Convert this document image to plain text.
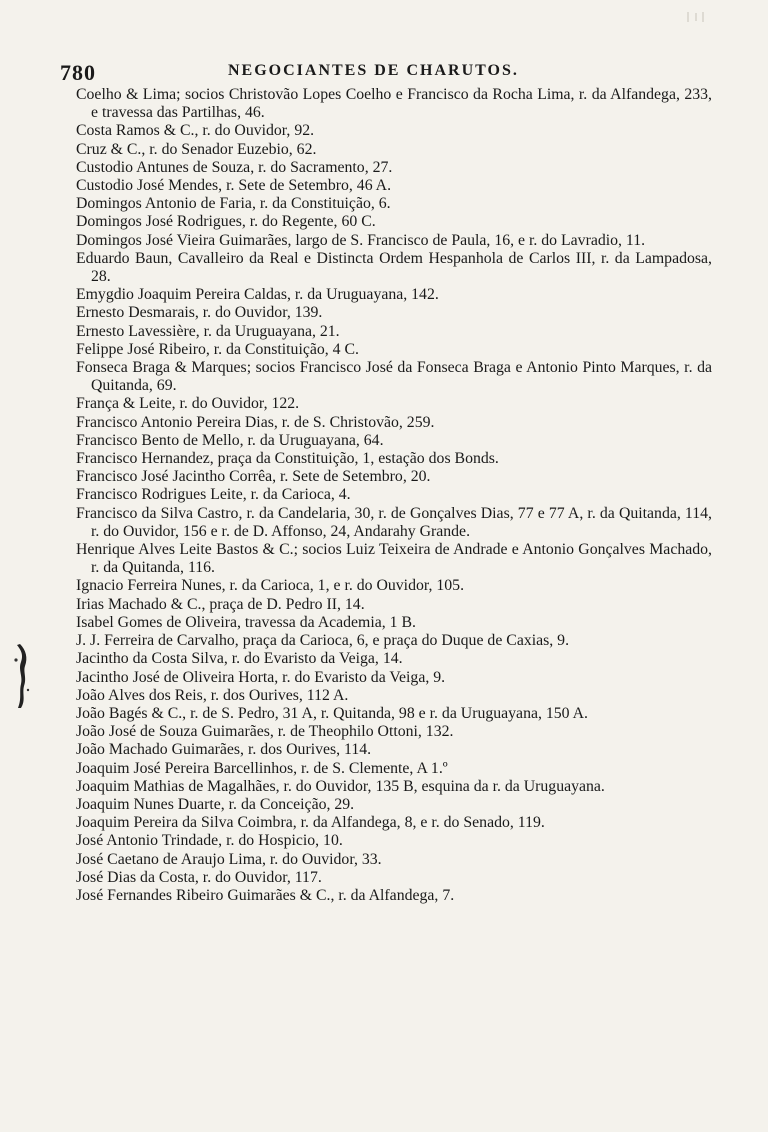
780	NEGOCIANTES DE CHARUTOS.

Coelho & Lima; socios Christovão Lopes Coelho e Francisco da Rocha Lima, r. da Alfandega, 233, e travessa das Partilhas, 46.

Costa Ramos & C., r. do Ouvidor, 92.

Cruz & C., r. do Senador Euzebio, 62.

Custodio Antunes de Souza, r. do Sacramento, 27.

Custodio José Mendes, r. Sete de Setembro, 46 A.

Domingos Antonio de Faria, r. da Constituição, 6.

Domingos José Rodrigues, r. do Regente, 60 C.

Domingos José Vieira Guimarães, largo de S. Francisco de Paula, 16, e r. do Lavradio, 11.

Eduardo Baun, Cavalleiro da Real e Distincta Ordem Hespanhola de Carlos III, r. da Lampadosa, 28.

Emygdio Joaquim Pereira Caldas, r. da Uruguayana, 142.

Ernesto Desmarais, r. do Ouvidor, 139.

Ernesto Lavessière, r. da Uruguayana, 21.

Felippe José Ribeiro, r. da Constituição, 4 C.

Fonseca Braga & Marques; socios Francisco José da Fonseca Braga e Antonio Pinto Marques, r. da Quitanda, 69.

França & Leite, r. do Ouvidor, 122.

Francisco Antonio Pereira Dias, r. de S. Christovão, 259.

Francisco Bento de Mello, r. da Uruguayana, 64.

Francisco Hernandez, praça da Constituição, 1, estação dos Bonds.

Francisco José Jacintho Corrêa, r. Sete de Setembro, 20.

Francisco Rodrigues Leite, r. da Carioca, 4.

Francisco da Silva Castro, r. da Candelaria, 30, r. de Gonçalves Dias, 77 e 77 A, r. da Quitanda, 114, r. do Ouvidor, 156 e r. de D. Affonso, 24, Andarahy Grande.

Henrique Alves Leite Bastos & C.; socios Luiz Teixeira de Andrade e Antonio Gonçalves Machado, r. da Quitanda, 116.

Ignacio Ferreira Nunes, r. da Carioca, 1, e r. do Ouvidor, 105.

Irias Machado & C., praça de D. Pedro II, 14.

Isabel Gomes de Oliveira, travessa da Academia, 1 B.

J. J. Ferreira de Carvalho, praça da Carioca, 6, e praça do Duque de Caxias, 9.

Jacintho da Costa Silva, r. do Evaristo da Veiga, 14.

Jacintho José de Oliveira Horta, r. do Evaristo da Veiga, 9.

João Alves dos Reis, r. dos Ourives, 112 A.

João Bagés & C., r. de S. Pedro, 31 A, r. Quitanda, 98 e r. da Uruguayana, 150 A.

João José de Souza Guimarães, r. de Theophilo Ottoni, 132.

João Machado Guimarães, r. dos Ourives, 114.

Joaquim José Pereira Barcellinhos, r. de S. Clemente, A 1.º

Joaquim Mathias de Magalhães, r. do Ouvidor, 135 B, esquina da r. da Uruguayana.

Joaquim Nunes Duarte, r. da Conceição, 29.

Joaquim Pereira da Silva Coimbra, r. da Alfandega, 8, e r. do Senado, 119.

José Antonio Trindade, r. do Hospicio, 10.

José Caetano de Araujo Lima, r. do Ouvidor, 33.

José Dias da Costa, r. do Ouvidor, 117.

José Fernandes Ribeiro Guimarães & C., r. da Alfandega, 7.
